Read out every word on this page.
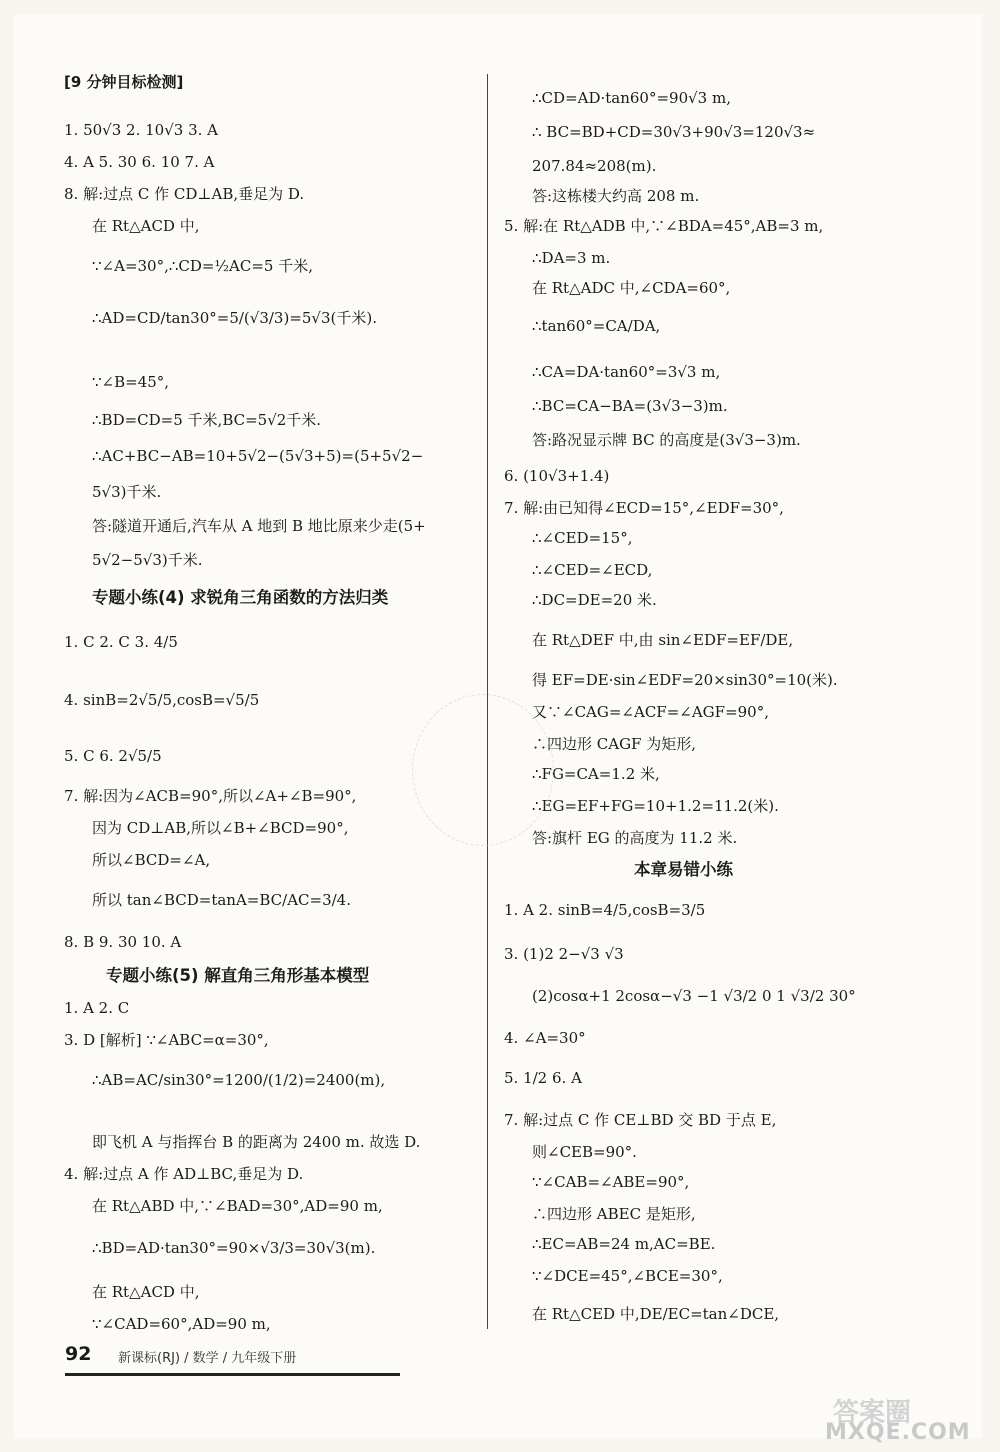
[9 分钟目标检测]
1. 50√3 2. 10√3 3. A
4. A 5. 30 6. 10 7. A
8. 解:过点 C 作 CD⊥AB,垂足为 D.
在 Rt△ACD 中,
∵∠A=30°,∴CD=½AC=5 千米,
∴AD=CD/tan30°=5/(√3/3)=5√3(千米).
∵∠B=45°,
∴BD=CD=5 千米,BC=5√2千米.
∴AC+BC−AB=10+5√2−(5√3+5)=(5+5√2−
5√3)千米.
答:隧道开通后,汽车从 A 地到 B 地比原来少走(5+
5√2−5√3)千米.
专题小练(4) 求锐角三角函数的方法归类
1. C 2. C 3. 4/5
4. sinB=2√5/5,cosB=√5/5
5. C 6. 2√5/5
7. 解:因为∠ACB=90°,所以∠A+∠B=90°,
因为 CD⊥AB,所以∠B+∠BCD=90°,
所以∠BCD=∠A,
所以 tan∠BCD=tanA=BC/AC=3/4.
8. B 9. 30 10. A
专题小练(5) 解直角三角形基本模型
1. A 2. C
3. D [解析] ∵∠ABC=α=30°,
∴AB=AC/sin30°=1200/(1/2)=2400(m),
即飞机 A 与指挥台 B 的距离为 2400 m. 故选 D.
4. 解:过点 A 作 AD⊥BC,垂足为 D.
在 Rt△ABD 中,∵∠BAD=30°,AD=90 m,
∴BD=AD·tan30°=90×√3/3=30√3(m).
在 Rt△ACD 中,
∵∠CAD=60°,AD=90 m,
∴CD=AD·tan60°=90√3 m,
∴ BC=BD+CD=30√3+90√3=120√3≈
207.84≈208(m).
答:这栋楼大约高 208 m.
5. 解:在 Rt△ADB 中,∵∠BDA=45°,AB=3 m,
∴DA=3 m.
在 Rt△ADC 中,∠CDA=60°,
∴tan60°=CA/DA,
∴CA=DA·tan60°=3√3 m,
∴BC=CA−BA=(3√3−3)m.
答:路况显示牌 BC 的高度是(3√3−3)m.
6. (10√3+1.4)
7. 解:由已知得∠ECD=15°,∠EDF=30°,
∴∠CED=15°,
∴∠CED=∠ECD,
∴DC=DE=20 米.
在 Rt△DEF 中,由 sin∠EDF=EF/DE,
得 EF=DE·sin∠EDF=20×sin30°=10(米).
又∵∠CAG=∠ACF=∠AGF=90°,
∴四边形 CAGF 为矩形,
∴FG=CA=1.2 米,
∴EG=EF+FG=10+1.2=11.2(米).
答:旗杆 EG 的高度为 11.2 米.
本章易错小练
1. A 2. sinB=4/5,cosB=3/5
3. (1)2 2−√3 √3
(2)cosα+1 2cosα−√3 −1 √3/2 0 1 √3/2 30°
4. ∠A=30°
5. 1/2 6. A
7. 解:过点 C 作 CE⊥BD 交 BD 于点 E,
则∠CEB=90°.
∵∠CAB=∠ABE=90°,
∴四边形 ABEC 是矩形,
∴EC=AB=24 m,AC=BE.
∵∠DCE=45°,∠BCE=30°,
在 Rt△CED 中,DE/EC=tan∠DCE,
92 新课标(RJ) / 数学 / 九年级下册
答案圈
MXQE.COM
